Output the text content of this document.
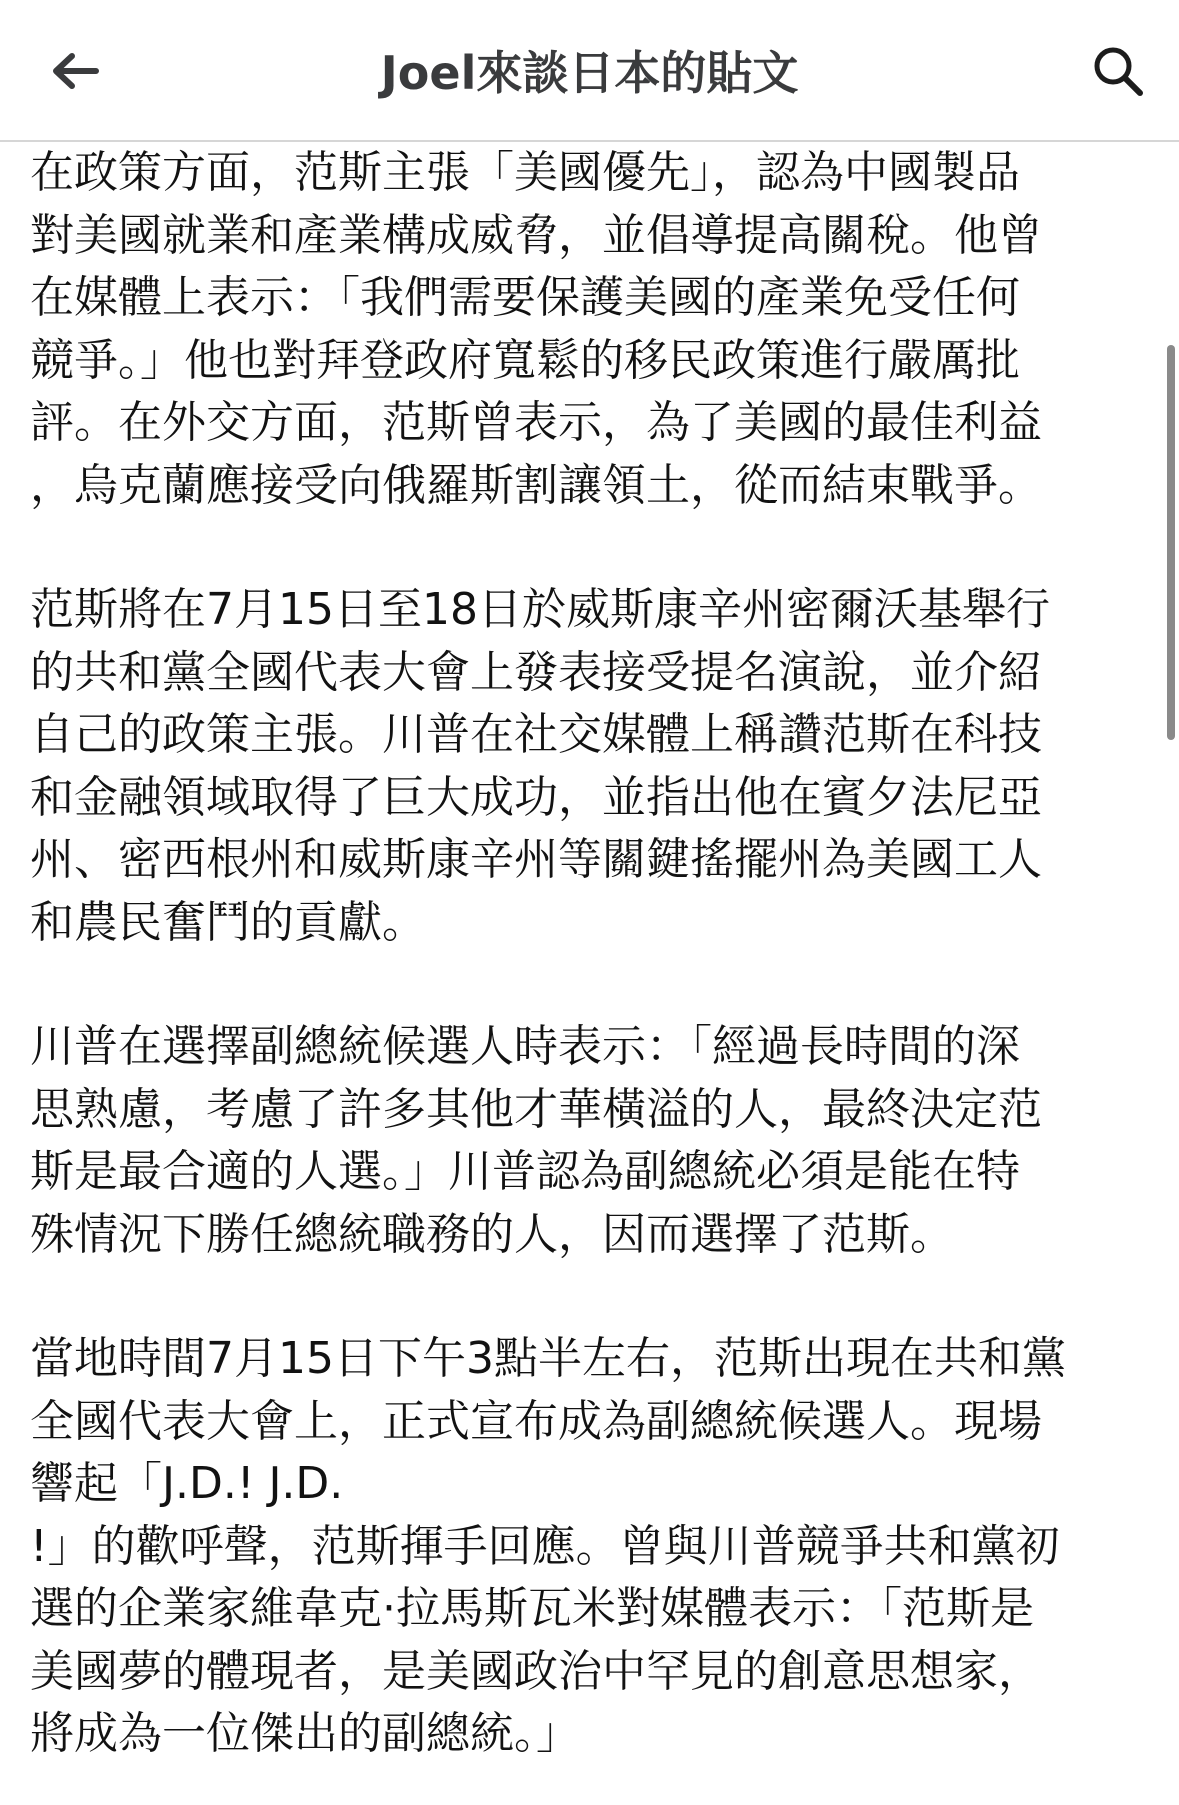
Joel來談日本的貼文

在政策方面，范斯主張「美國優先」，認為中國製品
對美國就業和產業構成威脅，並倡導提高關稅。他曾
在媒體上表示：「我們需要保護美國的產業免受任何
競爭。」他也對拜登政府寬鬆的移民政策進行嚴厲批
評。在外交方面，范斯曾表示，為了美國的最佳利益
，烏克蘭應接受向俄羅斯割讓領土，從而結束戰爭。

范斯將在7月15日至18日於威斯康辛州密爾沃基舉行
的共和黨全國代表大會上發表接受提名演說，並介紹
自己的政策主張。川普在社交媒體上稱讚范斯在科技
和金融領域取得了巨大成功，並指出他在賓夕法尼亞
州、密西根州和威斯康辛州等關鍵搖擺州為美國工人
和農民奮鬥的貢獻。

川普在選擇副總統候選人時表示：「經過長時間的深
思熟慮，考慮了許多其他才華橫溢的人，最終決定范
斯是最合適的人選。」川普認為副總統必須是能在特
殊情況下勝任總統職務的人，因而選擇了范斯。

當地時間7月15日下午3點半左右，范斯出現在共和黨
全國代表大會上，正式宣布成為副總統候選人。現場
響起「J.D.! J.D.
!」的歡呼聲，范斯揮手回應。曾與川普競爭共和黨初
選的企業家維韋克·拉馬斯瓦米對媒體表示：「范斯是
美國夢的體現者，是美國政治中罕見的創意思想家，
將成為一位傑出的副總統。」
